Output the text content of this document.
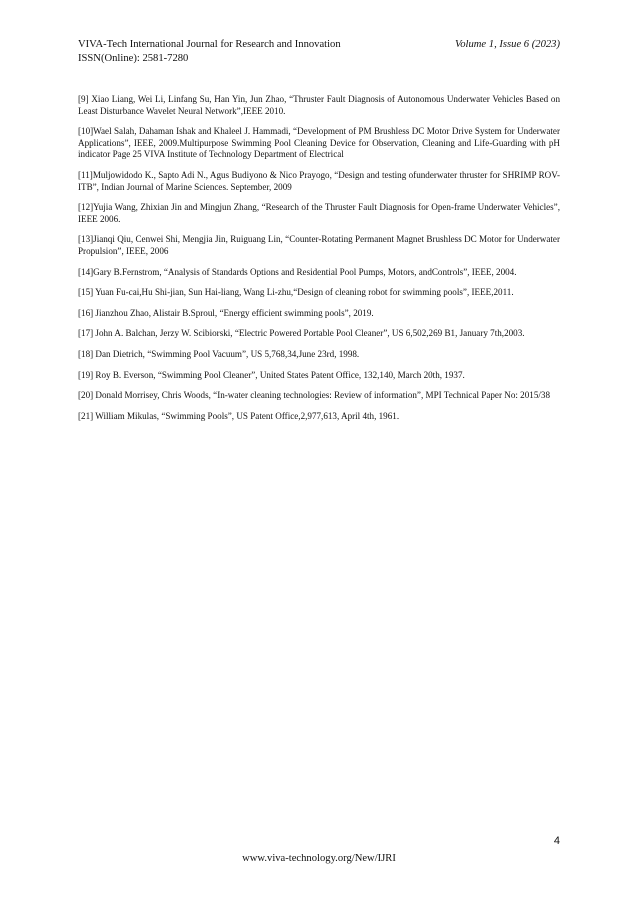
VIVA-Tech International Journal for Research and Innovation
ISSN(Online): 2581-7280
Volume 1, Issue 6 (2023)

[9] Xiao Liang, Wei Li, Linfang Su, Han Yin, Jun Zhao, “Thruster Fault Diagnosis of Autonomous Underwater Vehicles Based on Least Disturbance Wavelet Neural Network”,IEEE 2010.

[10]Wael Salah, Dahaman Ishak and Khaleel J. Hammadi, “Development of PM Brushless DC Motor Drive System for Underwater Applications”, IEEE, 2009.Multipurpose Swimming Pool Cleaning Device for Observation, Cleaning and Life-Guarding with pH indicator Page 25 VIVA Institute of Technology Department of Electrical

[11]Muljowidodo K., Sapto Adi N., Agus Budiyono & Nico Prayogo, “Design and testing ofunderwater thruster for SHRIMP ROV-ITB”, Indian Journal of Marine Sciences. September, 2009

[12]Yujia Wang, Zhixian Jin and Mingjun Zhang, “Research of the Thruster Fault Diagnosis for Open-frame Underwater Vehicles”, IEEE 2006.

[13]Jianqi Qiu, Cenwei Shi, Mengjia Jin, Ruiguang Lin, “Counter-Rotating Permanent Magnet Brushless DC Motor for Underwater Propulsion”, IEEE, 2006

[14]Gary B.Fernstrom, “Analysis of Standards Options and Residential Pool Pumps, Motors, andControls”, IEEE, 2004.

[15] Yuan Fu-cai,Hu Shi-jian, Sun Hai-liang, Wang Li-zhu,“Design of cleaning robot for swimming pools”, IEEE,2011.

[16] Jianzhou Zhao, Alistair B.Sproul, “Energy efficient swimming pools”, 2019.

[17] John A. Balchan, Jerzy W. Scibiorski, “Electric Powered Portable Pool Cleaner”, US 6,502,269 B1, January 7th,2003.

[18] Dan Dietrich, “Swimming Pool Vacuum”, US 5,768,34,June 23rd, 1998.

[19] Roy B. Everson, “Swimming Pool Cleaner”, United States Patent Office, 132,140, March 20th, 1937.

[20] Donald Morrisey, Chris Woods, “In-water cleaning technologies: Review of information”, MPI Technical Paper No: 2015/38

[21] William Mikulas, “Swimming Pools”, US Patent Office,2,977,613, April 4th, 1961.

4
www.viva-technology.org/New/IJRI
